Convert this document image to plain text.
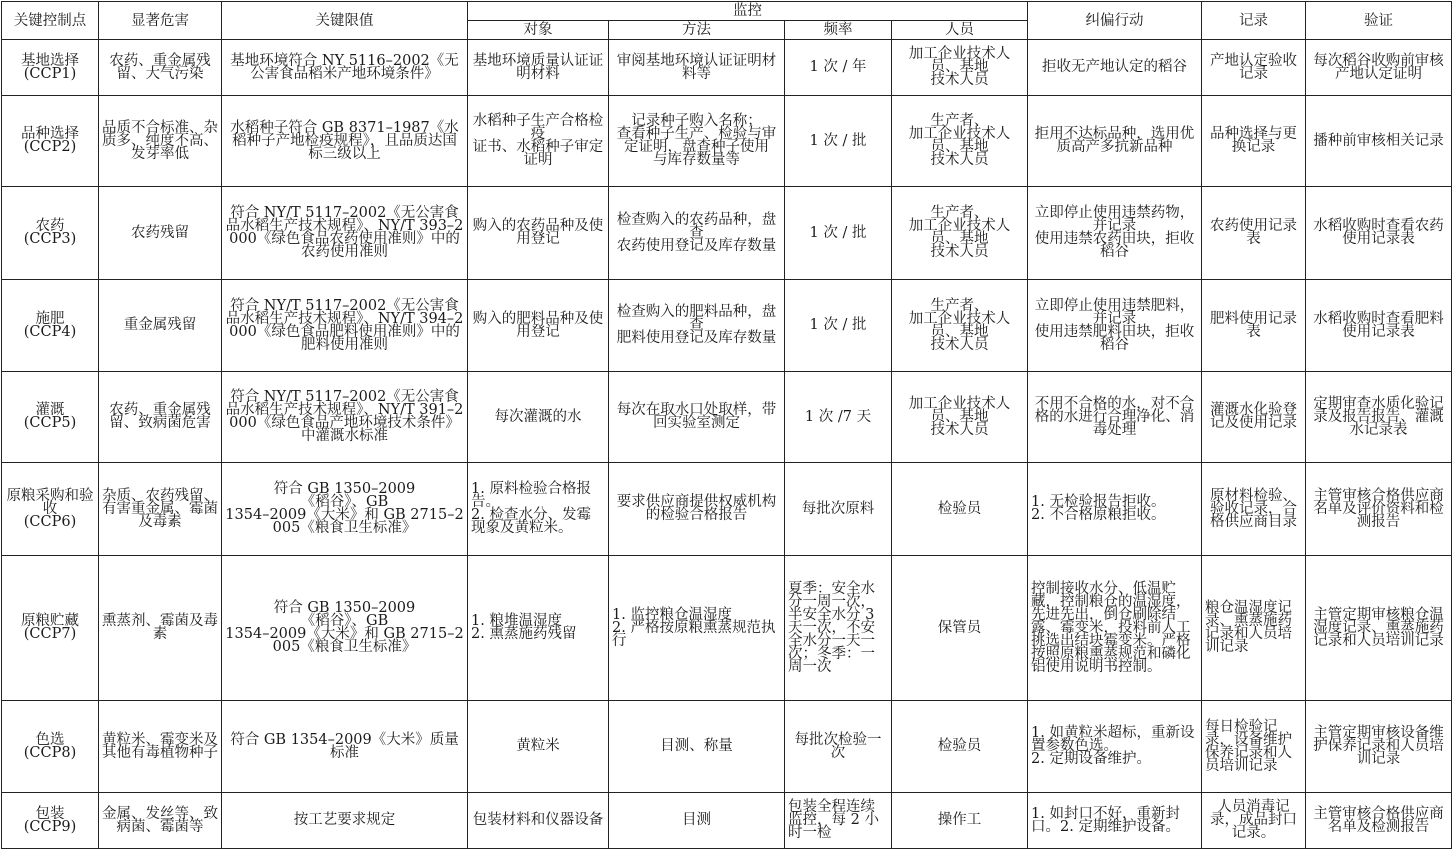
关键控制点	显著危害	关键限值	监控				纠偏行动	记录	验证
			对象	方法	频率	人员			
基地选择
(CCP1)	农药、重金属残留、大气污染	基地环境符合 NY 5116–2002《无公害食品稻米产地环境条件》	基地环境质量认证证明材料	审阅基地环境认证证明材料等	1 次 / 年	加工企业技术人员、基地
技术人员	拒收无产地认定的稻谷	产地认定验收记录	每次稻谷收购前审核产地认定证明
品种选择
(CCP2)	品质不合标准、杂质多、纯度不高、发芽率低	水稻种子符合 GB 8371–1987《水稻种子产地检疫规程》，且品质达国标三级以上	水稻种子生产合格检疫
证书、水稻种子审定证明	记录种子购入名称；
查看种子生产、检验与审定证明，盘查种子使用
与库存数量等	1 次 / 批	生产者、
加工企业技术人员、基地
技术人员	拒用不达标品种，选用优质高产多抗新品种	品种选择与更换记录	播种前审核相关记录
农药
(CCP3)	农药残留	符合 NY/T 5117–2002《无公害食品水稻生产技术规程》、NY/T 393–2000《绿色食品农药使用准则》中的农药使用准则	购入的农药品种及使用登记	检查购入的农药品种，盘查
农药使用登记及库存数量	1 次 / 批	生产者、
加工企业技术人员、基地
技术人员	立即停止使用违禁药物，并记录
使用违禁农药田块，拒收稻谷	农药使用记录表	水稻收购时查看农药使用记录表
施肥
(CCP4)	重金属残留	符合 NY/T 5117–2002《无公害食品水稻生产技术规程》、NY/T 394–2000《绿色食品肥料使用准则》中的肥料使用准则	购入的肥料品种及使用登记	检查购入的肥料品种，盘查
肥料使用登记及库存数量	1 次 / 批	生产者、
加工企业技术人员、基地
技术人员	立即停止使用违禁肥料，并记录
使用违禁肥料田块，拒收稻谷	肥料使用记录表	水稻收购时查看肥料使用记录表
灌溉
(CCP5)	农药、重金属残留、致病菌危害	符合 NY/T 5117–2002《无公害食品水稻生产技术规程》、NY/T 391–2000《绿色食品产地环境技术条件》中灌溉水标准	每次灌溉的水	每次在取水口处取样，带回实验室测定	1 次 /7 天	加工企业技术人员、基地
技术人员	不用不合格的水，对不合格的水进行合理净化、消毒处理	灌溉水化验登记及使用记录	定期审查水质化验记录及报告报告、灌溉水记录表
原粮采购和验收
(CCP6)	杂质、农药残留、有害重金属、霉菌及毒素	符合 GB 1350–2009
《稻谷》、GB
1354–2009《大米》和 GB 2715–2005《粮食卫生标准》	1. 原料检验合格报告。
2. 检查水分、发霉现象及黄粒米。	要求供应商提供权威机构的检验合格报告	每批次原料	检验员	1. 无检验报告拒收。
2. 不合格原粮拒收。	原材料检验、验收记录，合格供应商目录	主管审核合格供应商名单及评价资料和检测报告
原粮贮藏
(CCP7)	熏蒸剂、霉菌及毒素	符合 GB 1350–2009
《稻谷》、GB
1354–2009《大米》和 GB 2715–2005《粮食卫生标准》	1. 粮堆温湿度
2. 熏蒸施药残留	1. 监控粮仓温湿度
2. 严格按原粮熏蒸规范执行	夏季：安全水分一周一次，半安全水分 3 天一次，不安全水分一天一次；冬季：一周一次	保管员	控制接收水分、低温贮藏，控制粮仓的温湿度，先进先出，倒仓刷除结露、霉变米，投料前人工挑选出结块霉变米。严格按照原粮熏蒸规范和磷化铝使用说明书控制。	粮仓温湿度记录、熏蒸施药记录和人员培训记录	主管定期审核粮仓温湿度记录、熏蒸施药记录和人员培训记录
色选
(CCP8)	黄粒米、霉变米及其他有毒植物种子	符合 GB 1354–2009《大米》质量标准	黄粒米	目测、称量	每批次检验一次	检验员	1. 如黄粒米超标，重新设置参数色选。
2. 定期设备维护。	每日检验记录，设备维护保养记录和人员培训记录	主管定期审核设备维护保养记录和人员培训记录
包装
(CCP9)	金属、发丝等、致病菌、霉菌等	按工艺要求规定	包装材料和仪器设备	目测	包装全程连续监控，每 2 小时一检	操作工	1. 如封口不好，重新封口。2. 定期维护设备。	人员消毒记录，成品封口记录。	主管审核合格供应商名单及检测报告
